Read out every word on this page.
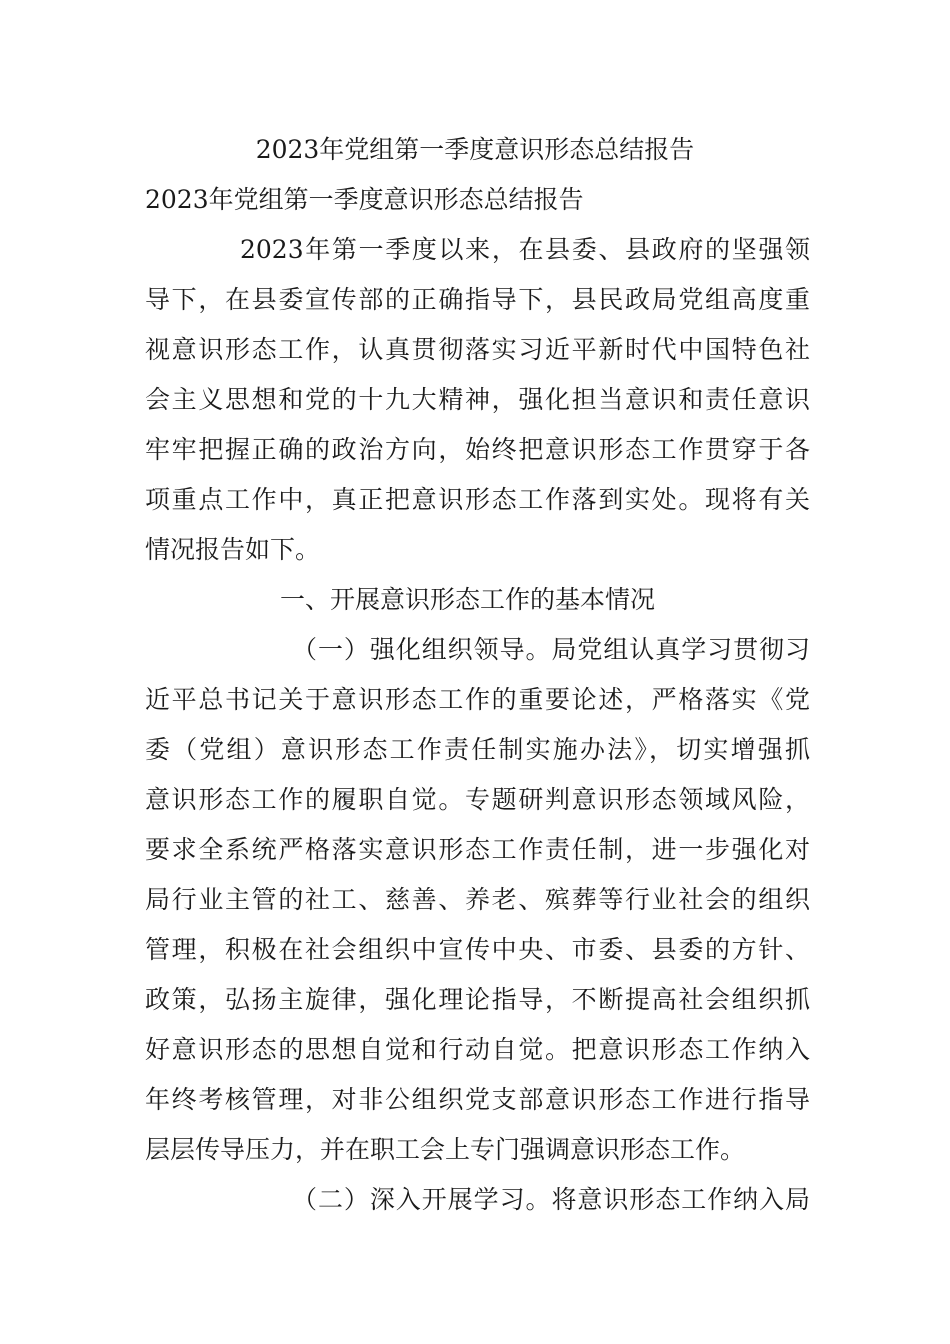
2023年党组第一季度意识形态总结报告
2023年党组第一季度意识形态总结报告
2023年第一季度以来，在县委、县政府的坚强领
导下，在县委宣传部的正确指导下，县民政局党组高度重
视意识形态工作，认真贯彻落实习近平新时代中国特色社
会主义思想和党的十九大精神，强化担当意识和责任意识
牢牢把握正确的政治方向，始终把意识形态工作贯穿于各
项重点工作中，真正把意识形态工作落到实处。现将有关
情况报告如下。
一、开展意识形态工作的基本情况
（一）强化组织领导。局党组认真学习贯彻习
近平总书记关于意识形态工作的重要论述，严格落实《党
委（党组）意识形态工作责任制实施办法》，切实增强抓
意识形态工作的履职自觉。专题研判意识形态领域风险，
要求全系统严格落实意识形态工作责任制，进一步强化对
局行业主管的社工、慈善、养老、殡葬等行业社会的组织
管理，积极在社会组织中宣传中央、市委、县委的方针、
政策，弘扬主旋律，强化理论指导，不断提高社会组织抓
好意识形态的思想自觉和行动自觉。把意识形态工作纳入
年终考核管理，对非公组织党支部意识形态工作进行指导
层层传导压力，并在职工会上专门强调意识形态工作。
（二）深入开展学习。将意识形态工作纳入局
